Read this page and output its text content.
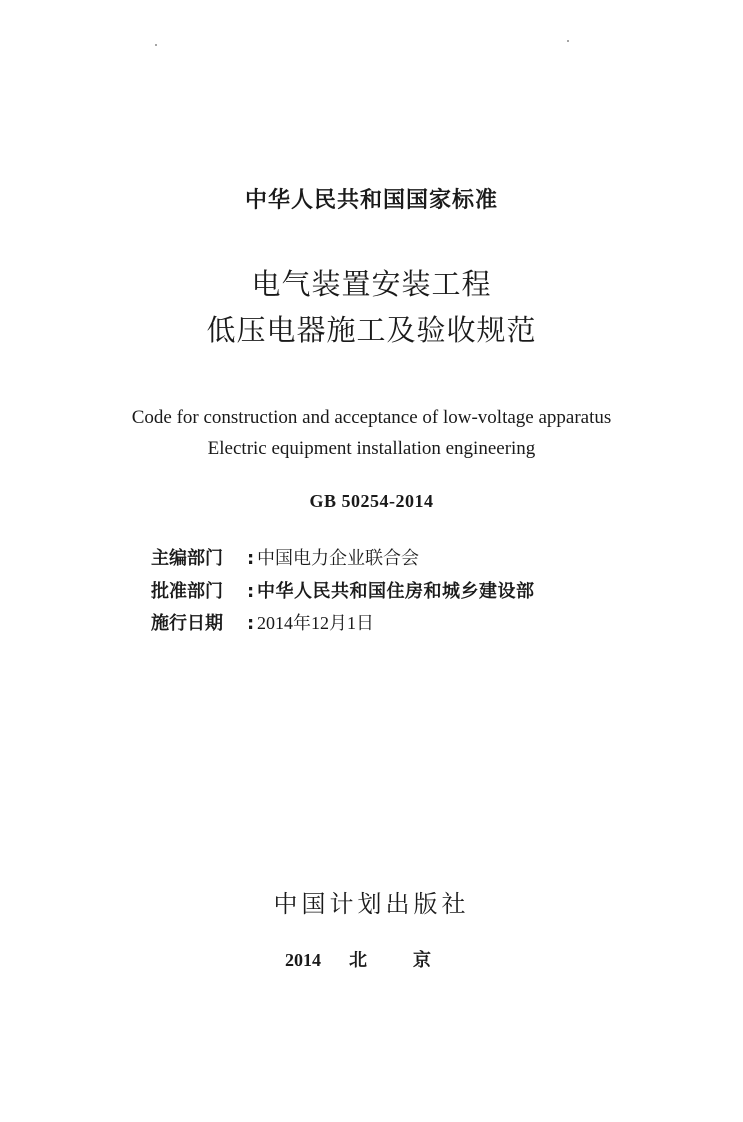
中华人民共和国国家标准
电气装置安装工程
低压电器施工及验收规范
Code for construction and acceptance of low-voltage apparatus
Electric equipment installation engineering
GB 50254-2014
主编部门	: 中国电力企业联合会
批准部门	: 中华人民共和国住房和城乡建设部
施行日期	: 2014年12月1日
中国计划出版社
2014	北	京
